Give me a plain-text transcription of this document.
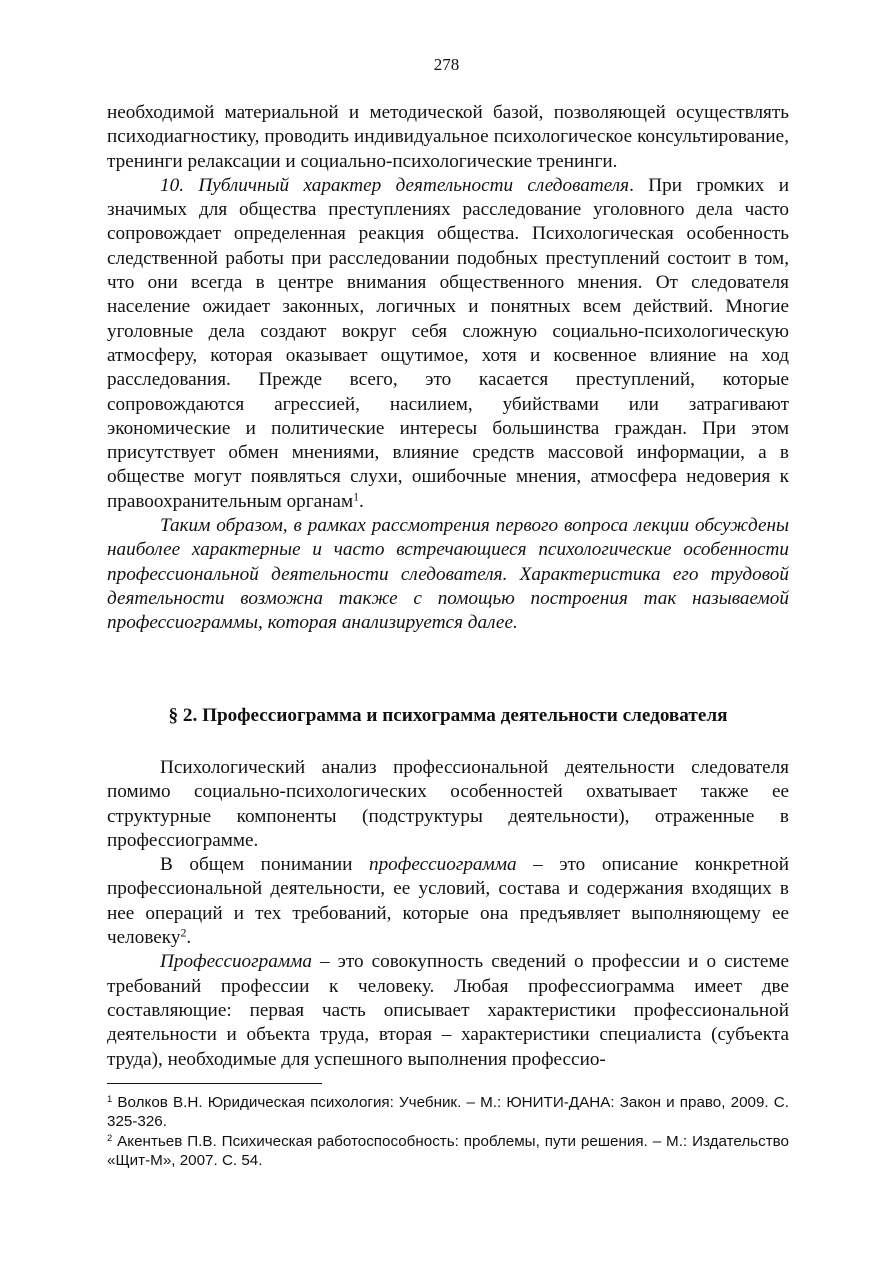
278

необходимой материальной и методической базой, позволяющей осуществлять психодиагностику, проводить индивидуальное психологическое консультирование, тренинги релаксации и социально-психологические тренинги.

10. Публичный характер деятельности следователя. При громких и значимых для общества преступлениях расследование уголовного дела часто сопровождает определенная реакция общества. Психологическая особенность следственной работы при расследовании подобных преступлений состоит в том, что они всегда в центре внимания общественного мнения. От следователя население ожидает законных, логичных и понятных всем действий. Многие уголовные дела создают вокруг себя сложную социально-психологическую атмосферу, которая оказывает ощутимое, хотя и косвенное влияние на ход расследования. Прежде всего, это касается преступлений, которые сопровождаются агрессией, насилием, убийствами или затрагивают экономические и политические интересы большинства граждан. При этом присутствует обмен мнениями, влияние средств массовой информации, а в обществе могут появляться слухи, ошибочные мнения, атмосфера недоверия к правоохранительным органам$^1$.

Таким образом, в рамках рассмотрения первого вопроса лекции обсуждены наиболее характерные и часто встречающиеся психологические особенности профессиональной деятельности следователя. Характеристика его трудовой деятельности возможна также с помощью построения так называемой профессиограммы, которая анализируется далее.

§ 2. Профессиограмма и психограмма деятельности следователя

Психологический анализ профессиональной деятельности следователя помимо социально-психологических особенностей охватывает также ее структурные компоненты (подструктуры деятельности), отраженные в профессиограмме.

В общем понимании профессиограмма – это описание конкретной профессиональной деятельности, ее условий, состава и содержания входящих в нее операций и тех требований, которые она предъявляет выполняющему ее человеку$^2$.

Профессиограмма – это совокупность сведений о профессии и о системе требований профессии к человеку. Любая профессиограмма имеет две составляющие: первая часть описывает характеристики профессиональной деятельности и объекта труда, вторая – характеристики специалиста (субъекта труда), необходимые для успешного выполнения профессио-

$^1$ Волков В.Н. Юридическая психология: Учебник. – М.: ЮНИТИ-ДАНА: Закон и право, 2009. С. 325-326.

$^2$ Акентьев П.В. Психическая работоспособность: проблемы, пути решения. – М.: Издательство «Щит-М», 2007. С. 54.
